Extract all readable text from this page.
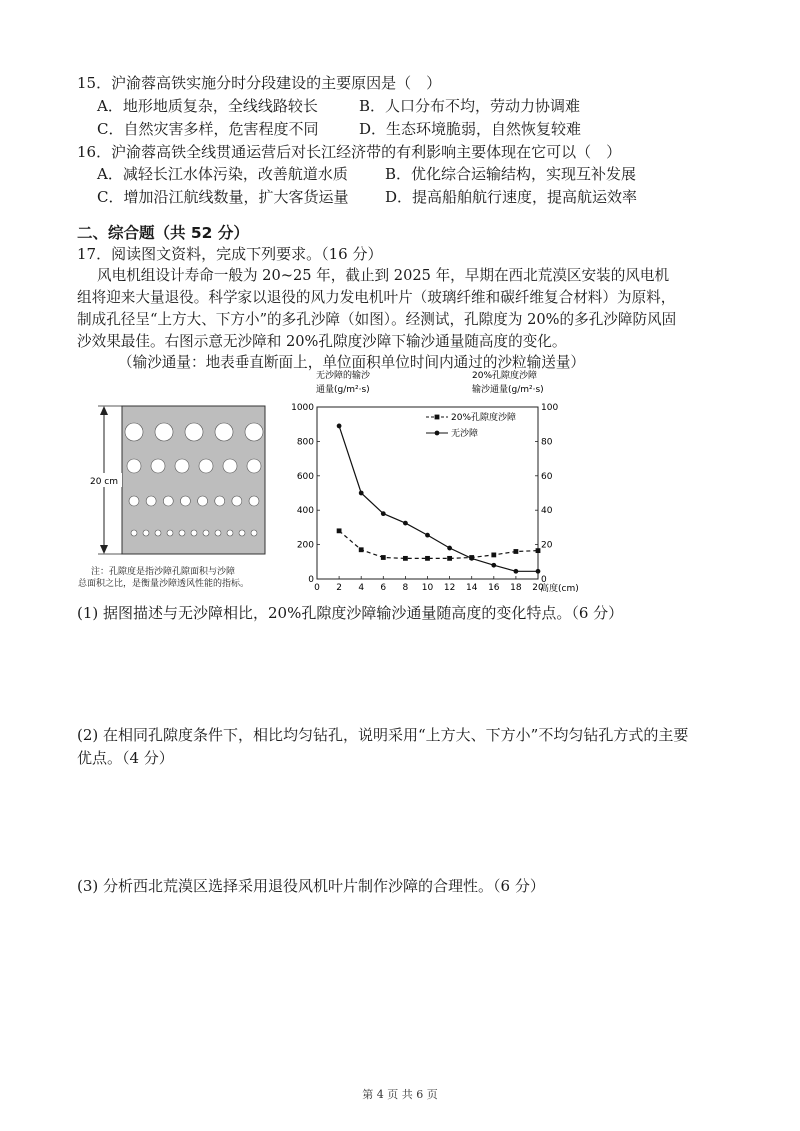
15．沪渝蓉高铁实施分时分段建设的主要原因是（　）
A．地形地质复杂，全线线路较长	B．人口分布不均，劳动力协调难
C．自然灾害多样，危害程度不同	D．生态环境脆弱，自然恢复较难
16．沪渝蓉高铁全线贯通运营后对长江经济带的有利影响主要体现在它可以（　）
A．减轻长江水体污染，改善航道水质 B．优化综合运输结构，实现互补发展
C．增加沿江航线数量，扩大客货运量 D．提高船舶航行速度，提高航运效率
二、综合题（共 52 分）
17．阅读图文资料，完成下列要求。（16 分）
风电机组设计寿命一般为 20~25 年，截止到 2025 年，早期在西北荒漠区安装的风电机
组将迎来大量退役。科学家以退役的风力发电机叶片（玻璃纤维和碳纤维复合材料）为原料，
制成孔径呈“上方大、下方小”的多孔沙障（如图）。经测试，孔隙度为 20%的多孔沙障防风固
沙效果最佳。右图示意无沙障和 20%孔隙度沙障下输沙通量随高度的变化。
（输沙通量：地表垂直断面上，单位面积单位时间内通过的沙粒输送量）
20 cm
注：孔隙度是指沙障孔隙面积与沙障
总面积之比，是衡量沙障透风性能的指标。
无沙障的输沙
通量(g/m²·s)
20%孔隙度沙障
输沙通量(g/m²·s)
0 2 4 6 8 10 12 14 16 18 20
0
200
400
600
800
1000
0
20
40
60
80
100
20%孔隙度沙障
无沙障
高度(cm)
(1) 据图描述与无沙障相比，20%孔隙度沙障输沙通量随高度的变化特点。（6 分）
(2) 在相同孔隙度条件下，相比均匀钻孔，说明采用“上方大、下方小”不均匀钻孔方式的主要
优点。（4 分）
(3) 分析西北荒漠区选择采用退役风机叶片制作沙障的合理性。（6 分）
第 4 页 共 6 页
